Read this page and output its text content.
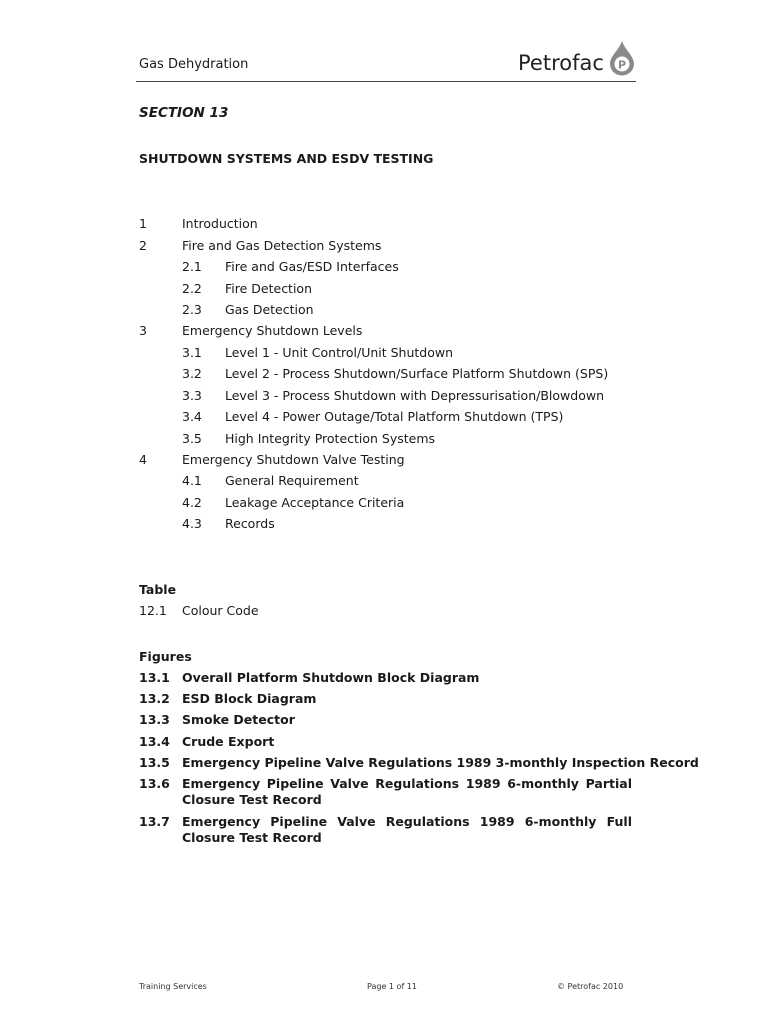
Gas Dehydration	Petrofac P
SECTION 13
SHUTDOWN SYSTEMS AND ESDV TESTING
1	Introduction
2	Fire and Gas Detection Systems
2.1 Fire and Gas/ESD Interfaces
2.2 Fire Detection
2.3 Gas Detection
3	Emergency Shutdown Levels
3.1 Level 1 - Unit Control/Unit Shutdown
3.2 Level 2 - Process Shutdown/Surface Platform Shutdown (SPS)
3.3 Level 3 - Process Shutdown with Depressurisation/Blowdown
3.4 Level 4 - Power Outage/Total Platform Shutdown (TPS)
3.5 High Integrity Protection Systems
4	Emergency Shutdown Valve Testing
4.1 General Requirement
4.2 Leakage Acceptance Criteria
4.3 Records
Table
12.1 Colour Code
Figures
13.1 Overall Platform Shutdown Block Diagram
13.2 ESD Block Diagram
13.3 Smoke Detector
13.4 Crude Export
13.5 Emergency Pipeline Valve Regulations 1989 3-monthly Inspection Record
13.6 Emergency Pipeline Valve Regulations 1989 6-monthly Partial Closure Test Record
13.7 Emergency Pipeline Valve Regulations 1989 6-monthly Full Closure Test Record
Training Services	Page 1 of 11	© Petrofac 2010
